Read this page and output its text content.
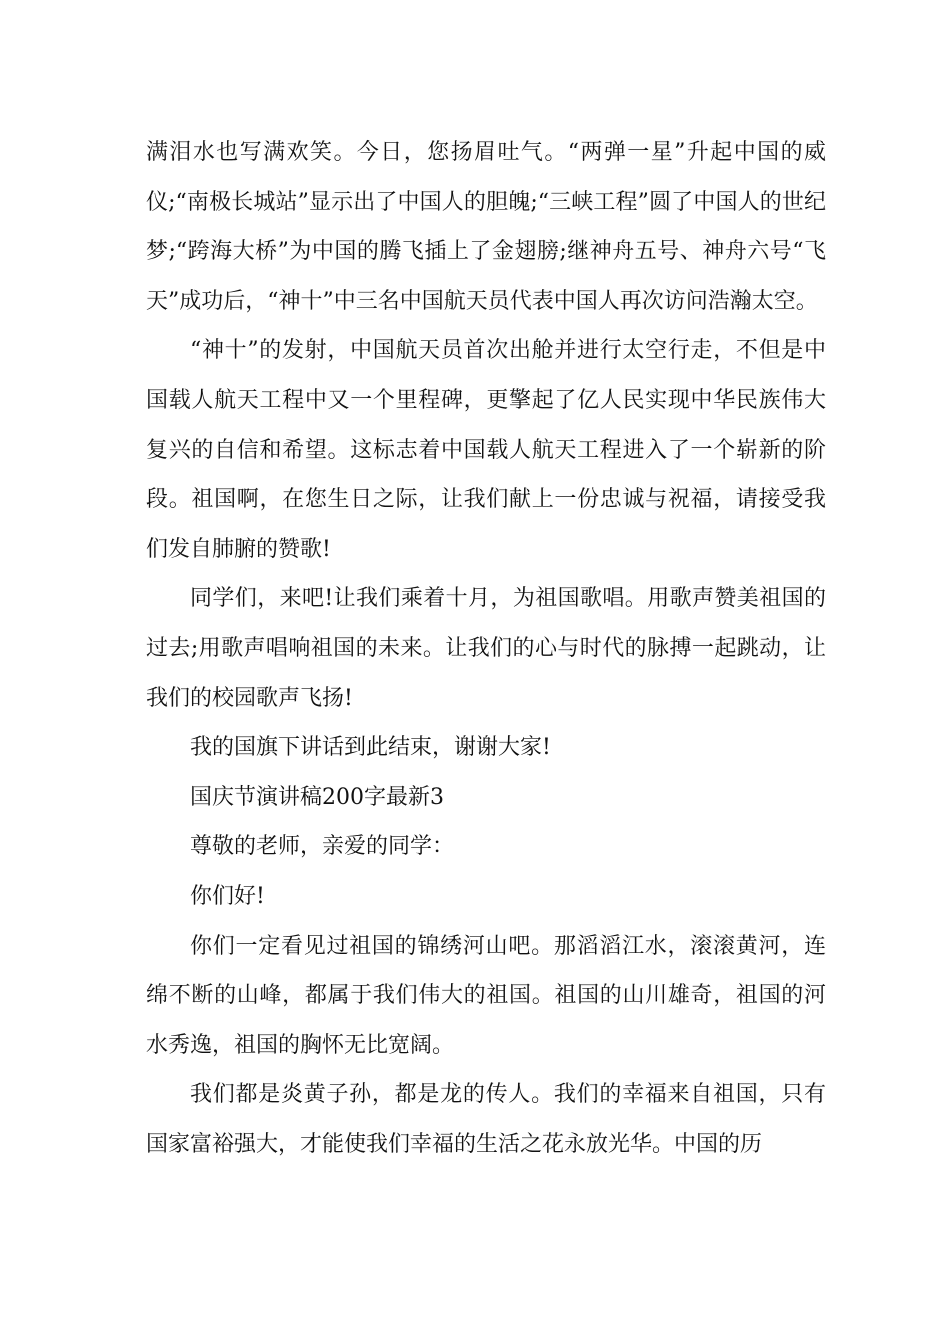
满泪水也写满欢笑。今日，您扬眉吐气。“两弹一星”升起中国的威仪;“南极长城站”显示出了中国人的胆魄;“三峡工程”圆了中国人的世纪梦;“跨海大桥”为中国的腾飞插上了金翅膀;继神舟五号、神舟六号“飞天”成功后，“神十”中三名中国航天员代表中国人再次访问浩瀚太空。

“神十”的发射，中国航天员首次出舱并进行太空行走，不但是中国载人航天工程中又一个里程碑，更擎起了亿人民实现中华民族伟大复兴的自信和希望。这标志着中国载人航天工程进入了一个崭新的阶段。祖国啊，在您生日之际，让我们献上一份忠诚与祝福，请接受我们发自肺腑的赞歌!

同学们，来吧!让我们乘着十月，为祖国歌唱。用歌声赞美祖国的过去;用歌声唱响祖国的未来。让我们的心与时代的脉搏一起跳动，让我们的校园歌声飞扬!

我的国旗下讲话到此结束，谢谢大家!

国庆节演讲稿200字最新3

尊敬的老师，亲爱的同学：

你们好!

你们一定看见过祖国的锦绣河山吧。那滔滔江水，滚滚黄河，连绵不断的山峰，都属于我们伟大的祖国。祖国的山川雄奇，祖国的河水秀逸，祖国的胸怀无比宽阔。

我们都是炎黄子孙，都是龙的传人。我们的幸福来自祖国，只有国家富裕强大，才能使我们幸福的生活之花永放光华。中国的历
